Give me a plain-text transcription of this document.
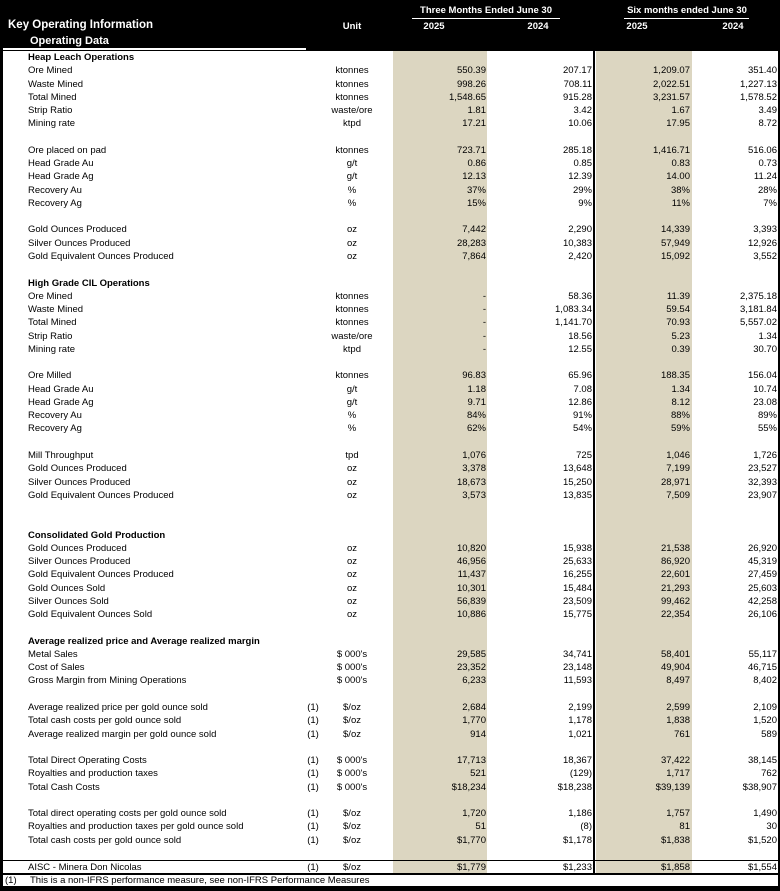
Key Operating Information
Operating Data
Unit
Three Months Ended June 30	Six months ended June 30
2025	2024	2025	2024
Heap Leach Operations
Ore Mined	ktonnes	550.39	207.17	1,209.07	351.40
Waste Mined	ktonnes	998.26	708.11	2,022.51	1,227.13
Total Mined	ktonnes	1,548.65	915.28	3,231.57	1,578.52
Strip Ratio	waste/ore	1.81	3.42	1.67	3.49
Mining rate	ktpd	17.21	10.06	17.95	8.72
Ore placed on pad	ktonnes	723.71	285.18	1,416.71	516.06
Head Grade Au	g/t	0.86	0.85	0.83	0.73
Head Grade Ag	g/t	12.13	12.39	14.00	11.24
Recovery Au	%	37%	29%	38%	28%
Recovery Ag	%	15%	9%	11%	7%
Gold Ounces Produced	oz	7,442	2,290	14,339	3,393
Silver Ounces Produced	oz	28,283	10,383	57,949	12,926
Gold Equivalent Ounces Produced	oz	7,864	2,420	15,092	3,552
High Grade CIL Operations
Ore Mined	ktonnes	-	58.36	11.39	2,375.18
Waste Mined	ktonnes	-	1,083.34	59.54	3,181.84
Total Mined	ktonnes	-	1,141.70	70.93	5,557.02
Strip Ratio	waste/ore	-	18.56	5.23	1.34
Mining rate	ktpd	-	12.55	0.39	30.70
Ore Milled	ktonnes	96.83	65.96	188.35	156.04
Head Grade Au	g/t	1.18	7.08	1.34	10.74
Head Grade Ag	g/t	9.71	12.86	8.12	23.08
Recovery Au	%	84%	91%	88%	89%
Recovery Ag	%	62%	54%	59%	55%
Mill Throughput	tpd	1,076	725	1,046	1,726
Gold Ounces Produced	oz	3,378	13,648	7,199	23,527
Silver Ounces Produced	oz	18,673	15,250	28,971	32,393
Gold Equivalent Ounces Produced	oz	3,573	13,835	7,509	23,907
Consolidated Gold Production
Gold Ounces Produced	oz	10,820	15,938	21,538	26,920
Silver Ounces Produced	oz	46,956	25,633	86,920	45,319
Gold Equivalent Ounces Produced	oz	11,437	16,255	22,601	27,459
Gold Ounces Sold	oz	10,301	15,484	21,293	25,603
Silver Ounces Sold	oz	56,839	23,509	99,462	42,258
Gold Equivalent Ounces Sold	oz	10,886	15,775	22,354	26,106
Average realized price and Average realized margin
Metal Sales	$ 000's	29,585	34,741	58,401	55,117
Cost of Sales	$ 000's	23,352	23,148	49,904	46,715
Gross Margin from Mining Operations	$ 000's	6,233	11,593	8,497	8,402
Average realized price per gold ounce sold	(1)	$/oz	2,684	2,199	2,599	2,109
Total cash costs per gold ounce sold	(1)	$/oz	1,770	1,178	1,838	1,520
Average realized margin per gold ounce sold	(1)	$/oz	914	1,021	761	589
Total Direct Operating Costs	(1)	$ 000's	17,713	18,367	37,422	38,145
Royalties and production taxes	(1)	$ 000's	521	(129)	1,717	762
Total Cash Costs	(1)	$ 000's	$18,234	$18,238	$39,139	$38,907
Total direct operating costs per gold ounce sold	(1)	$/oz	1,720	1,186	1,757	1,490
Royalties and production taxes per gold ounce sold	(1)	$/oz	51	(8)	81	30
Total cash costs per gold ounce sold	(1)	$/oz	$1,770	$1,178	$1,838	$1,520
AISC - Minera Don Nicolas	(1)	$/oz	$1,779	$1,233	$1,858	$1,554
(1) This is a non-IFRS performance measure, see non-IFRS Performance Measures
